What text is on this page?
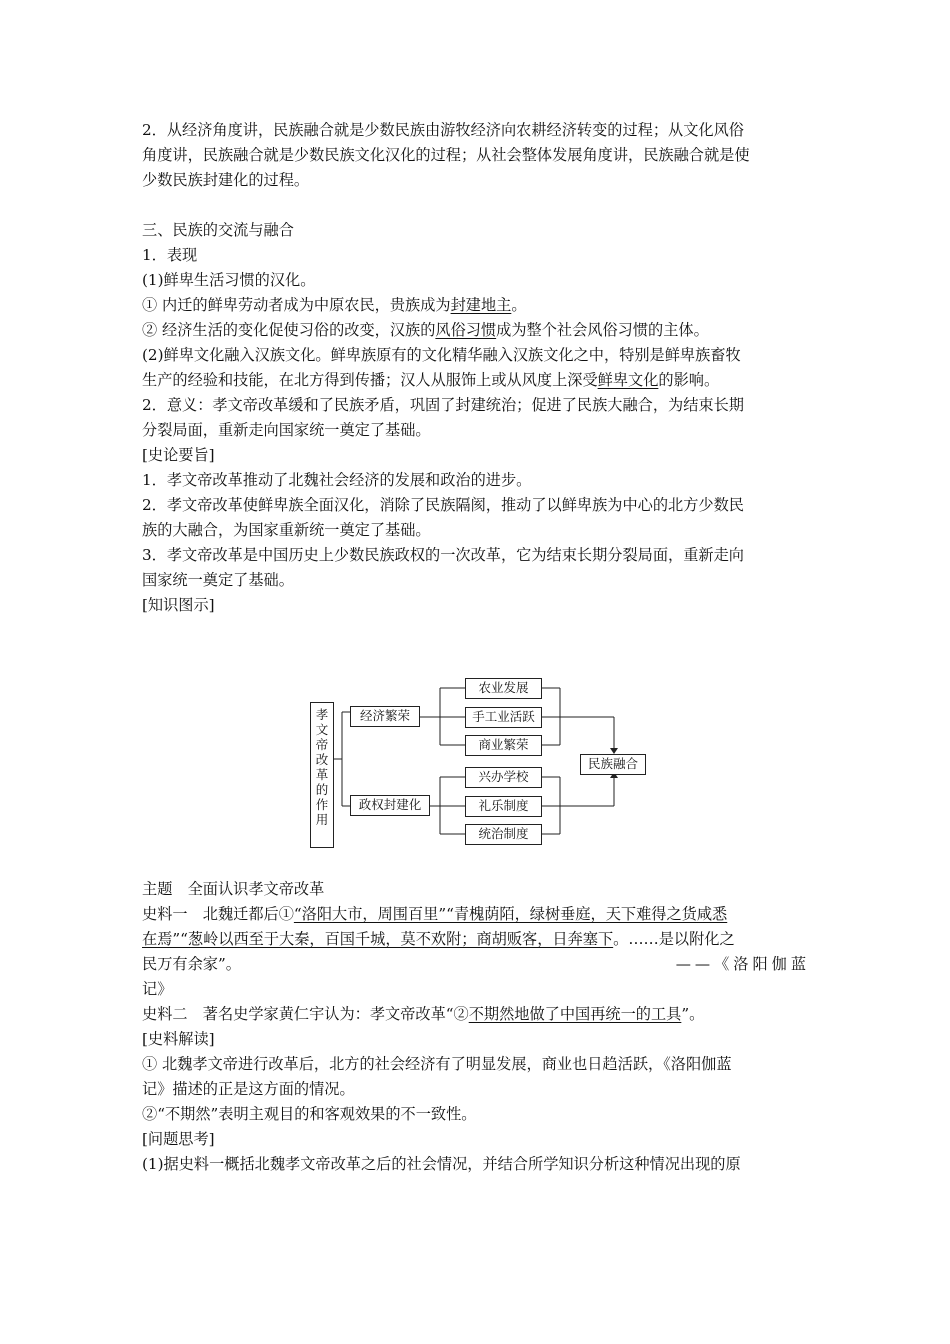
2．从经济角度讲，民族融合就是少数民族由游牧经济向农耕经济转变的过程；从文化风俗

角度讲，民族融合就是少数民族文化汉化的过程；从社会整体发展角度讲，民族融合就是使

少数民族封建化的过程。

三、民族的交流与融合

1．表现

(1)鲜卑生活习惯的汉化。

① 内迁的鲜卑劳动者成为中原农民，贵族成为封建地主。

② 经济生活的变化促使习俗的改变，汉族的风俗习惯成为整个社会风俗习惯的主体。

(2)鲜卑文化融入汉族文化。鲜卑族原有的文化精华融入汉族文化之中，特别是鲜卑族畜牧

生产的经验和技能，在北方得到传播；汉人从服饰上或从风度上深受鲜卑文化的影响。

2．意义：孝文帝改革缓和了民族矛盾，巩固了封建统治；促进了民族大融合，为结束长期

分裂局面，重新走向国家统一奠定了基础。

[史论要旨]

1．孝文帝改革推动了北魏社会经济的发展和政治的进步。

2．孝文帝改革使鲜卑族全面汉化，消除了民族隔阂，推动了以鲜卑族为中心的北方少数民

族的大融合，为国家重新统一奠定了基础。

3．孝文帝改革是中国历史上少数民族政权的一次改革，它为结束长期分裂局面，重新走向

国家统一奠定了基础。

[知识图示]

孝
文
帝
改
革
的
作
用
经济繁荣
政权封建化
农业发展
手工业活跃
商业繁荣
兴办学校
礼乐制度
统治制度
民族融合

主题　全面认识孝文帝改革

史料一　北魏迁都后①“洛阳大市，周围百里”“青槐荫陌，绿树垂庭，天下难得之货咸悉

在焉”“葱岭以西至于大秦，百国千城，莫不欢附；商胡贩客，日奔塞下。……是以附化之

民万有余家”。	——《洛阳伽蓝

记》

史料二　著名史学家黄仁宇认为：孝文帝改革“②不期然地做了中国再统一的工具”。

[史料解读]

① 北魏孝文帝进行改革后，北方的社会经济有了明显发展，商业也日趋活跃，《洛阳伽蓝

记》描述的正是这方面的情况。

②“不期然”表明主观目的和客观效果的不一致性。

[问题思考]

(1)据史料一概括北魏孝文帝改革之后的社会情况，并结合所学知识分析这种情况出现的原
